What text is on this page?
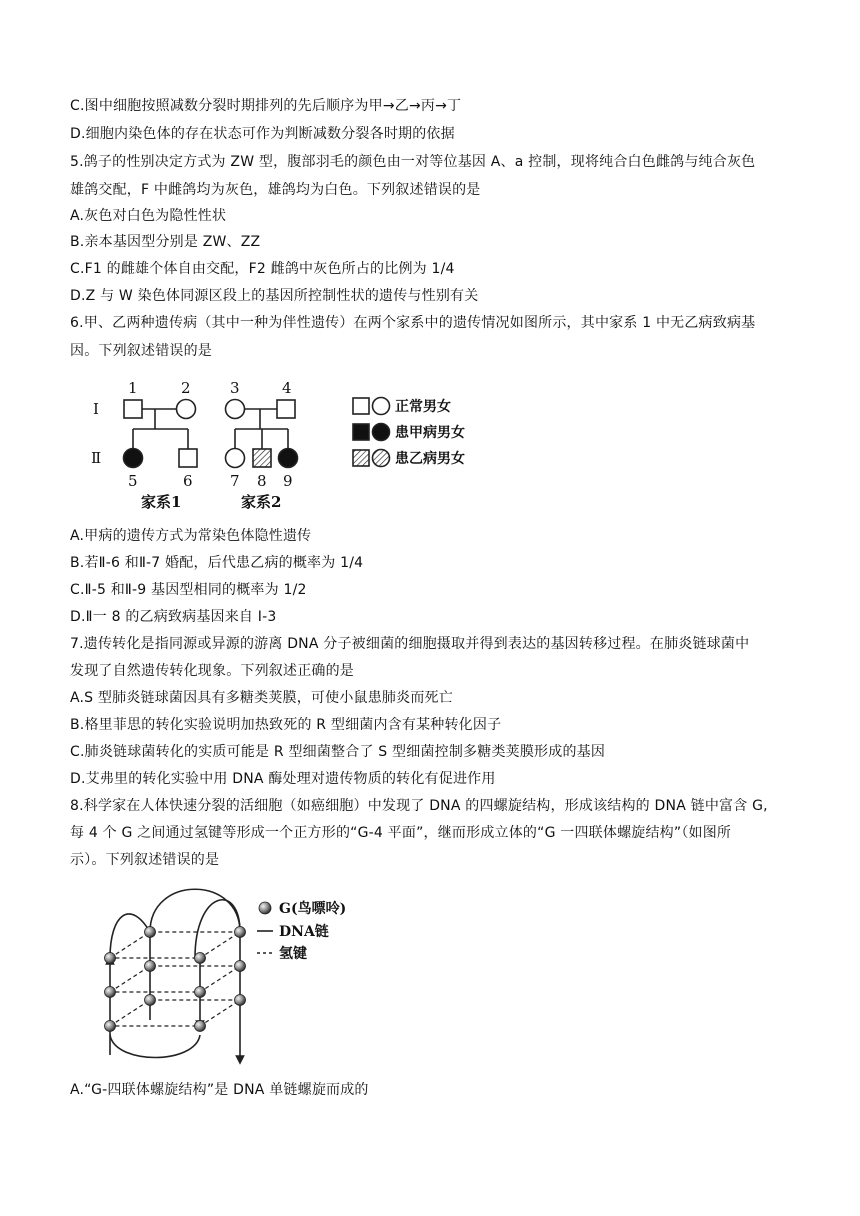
C.图中细胞按照减数分裂时期排列的先后顺序为甲→乙→丙→丁
D.细胞内染色体的存在状态可作为判断减数分裂各时期的依据
5.鸽子的性别决定方式为 ZW 型，腹部羽毛的颜色由一对等位基因 A、a 控制，现将纯合白色雌鸽与纯合灰色
雄鸽交配，F 中雌鸽均为灰色，雄鸽均为白色。下列叙述错误的是
A.灰色对白色为隐性性状
B.亲本基因型分别是 ZW、ZZ
C.F1 的雌雄个体自由交配，F2 雌鸽中灰色所占的比例为 1/4
D.Z 与 W 染色体同源区段上的基因所控制性状的遗传与性别有关
6.甲、乙两种遗传病（其中一种为伴性遗传）在两个家系中的遗传情况如图所示，其中家系 1 中无乙病致病基
因。下列叙述错误的是
Ⅰ
Ⅱ
1	2	3	4
5	6 7 8 9
家系1	家系2
正常男女
患甲病男女
患乙病男女
A.甲病的遗传方式为常染色体隐性遗传
B.若Ⅱ-6 和Ⅱ-7 婚配，后代患乙病的概率为 1/4
C.Ⅱ-5 和Ⅱ-9 基因型相同的概率为 1/2
D.Ⅱ一 8 的乙病致病基因来自 I-3
7.遗传转化是指同源或异源的游离 DNA 分子被细菌的细胞摄取并得到表达的基因转移过程。在肺炎链球菌中
发现了自然遗传转化现象。下列叙述正确的是
A.S 型肺炎链球菌因具有多糖类荚膜，可使小鼠患肺炎而死亡
B.格里菲思的转化实验说明加热致死的 R 型细菌内含有某种转化因子
C.肺炎链球菌转化的实质可能是 R 型细菌整合了 S 型细菌控制多糖类荚膜形成的基因
D.艾弗里的转化实验中用 DNA 酶处理对遗传物质的转化有促进作用
8.科学家在人体快速分裂的活细胞（如癌细胞）中发现了 DNA 的四螺旋结构，形成该结构的 DNA 链中富含 G,
每 4 个 G 之间通过氢键等形成一个正方形的“G-4 平面”，继而形成立体的“G 一四联体螺旋结构”（如图所
示）。下列叙述错误的是
G(鸟嘌呤)
DNA链
氢键
A.“G-四联体螺旋结构”是 DNA 单链螺旋而成的
